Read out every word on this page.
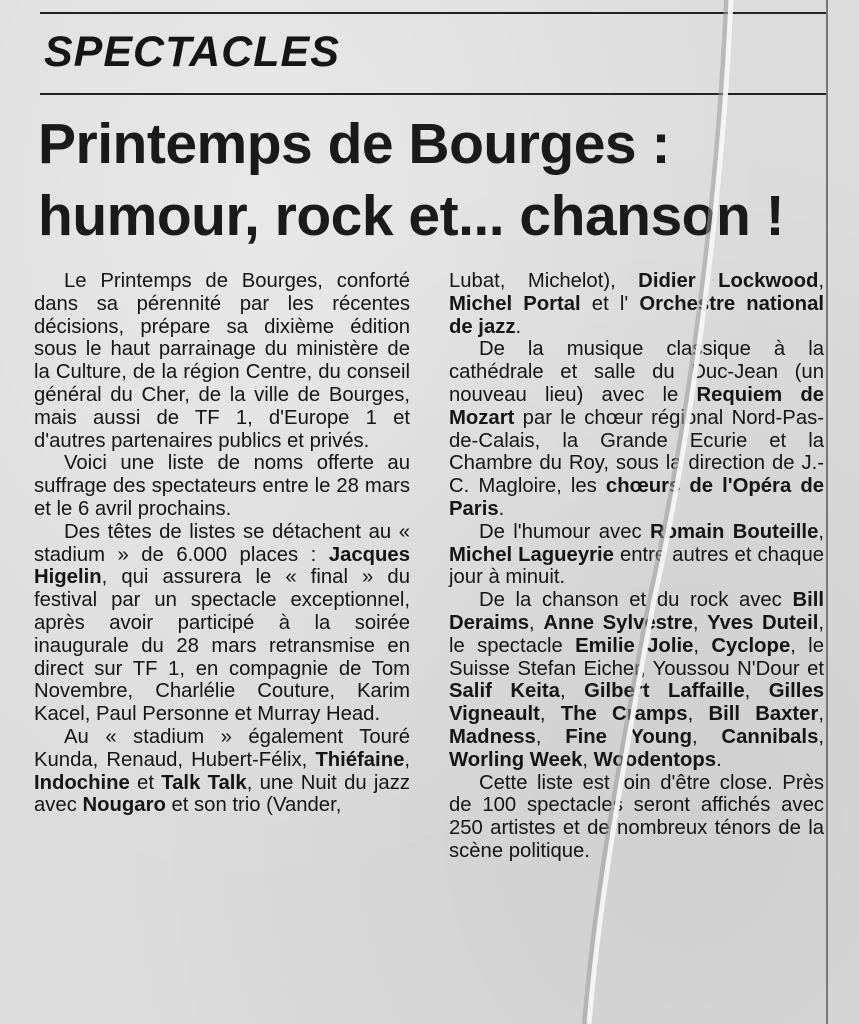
SPECTACLES
Printemps de Bourges :
humour, rock et... chanson !

Le Printemps de Bourges, conforté dans sa pérennité par les récentes décisions, prépare sa dixième édition sous le haut parrainage du ministère de la Culture, de la région Centre, du conseil général du Cher, de la ville de Bourges, mais aussi de TF 1, d'Europe 1 et d'autres partenaires publics et privés.

Voici une liste de noms offerte au suffrage des spectateurs entre le 28 mars et le 6 avril prochains.

Des têtes de listes se détachent au « stadium » de 6.000 places : Jacques Higelin, qui assurera le « final » du festival par un spectacle exceptionnel, après avoir participé à la soirée inaugurale du 28 mars retransmise en direct sur TF 1, en compagnie de Tom Novembre, Charlélie Couture, Karim Kacel, Paul Personne et Murray Head.

Au « stadium » également Touré Kunda, Renaud, Hubert-Félix, Thiéfaine, Indochine et Talk Talk, une Nuit du jazz avec Nougaro et son trio (Vander,

Lubat, Michelot), Didier Lockwood, Michel Portal et l' Orchestre national de jazz.

De la musique classique à la cathédrale et salle du Duc-Jean (un nouveau lieu) avec le Requiem de Mozart par le chœur régional Nord-Pas-de-Calais, la Grande Ecurie et la Chambre du Roy, sous la direction de J.-C. Magloire, les chœurs de l'Opéra de Paris.

De l'humour avec Romain Bouteille, Michel Lagueyrie entre autres et chaque jour à minuit.

De la chanson et du rock avec Bill Deraims, Anne Sylvestre, Yves Duteil, le spectacle Emilie Jolie, Cyclope, le Suisse Stefan Eicher, Youssou N'Dour et Salif Keita, Gilbert Laffaille, Gilles Vigneault, The Cramps, Bill Baxter, Madness, Fine Young, Cannibals, Worling Week, Woodentops.

Cette liste est loin d'être close. Près de 100 spectacles seront affichés avec 250 artistes et de nombreux ténors de la scène politique.
